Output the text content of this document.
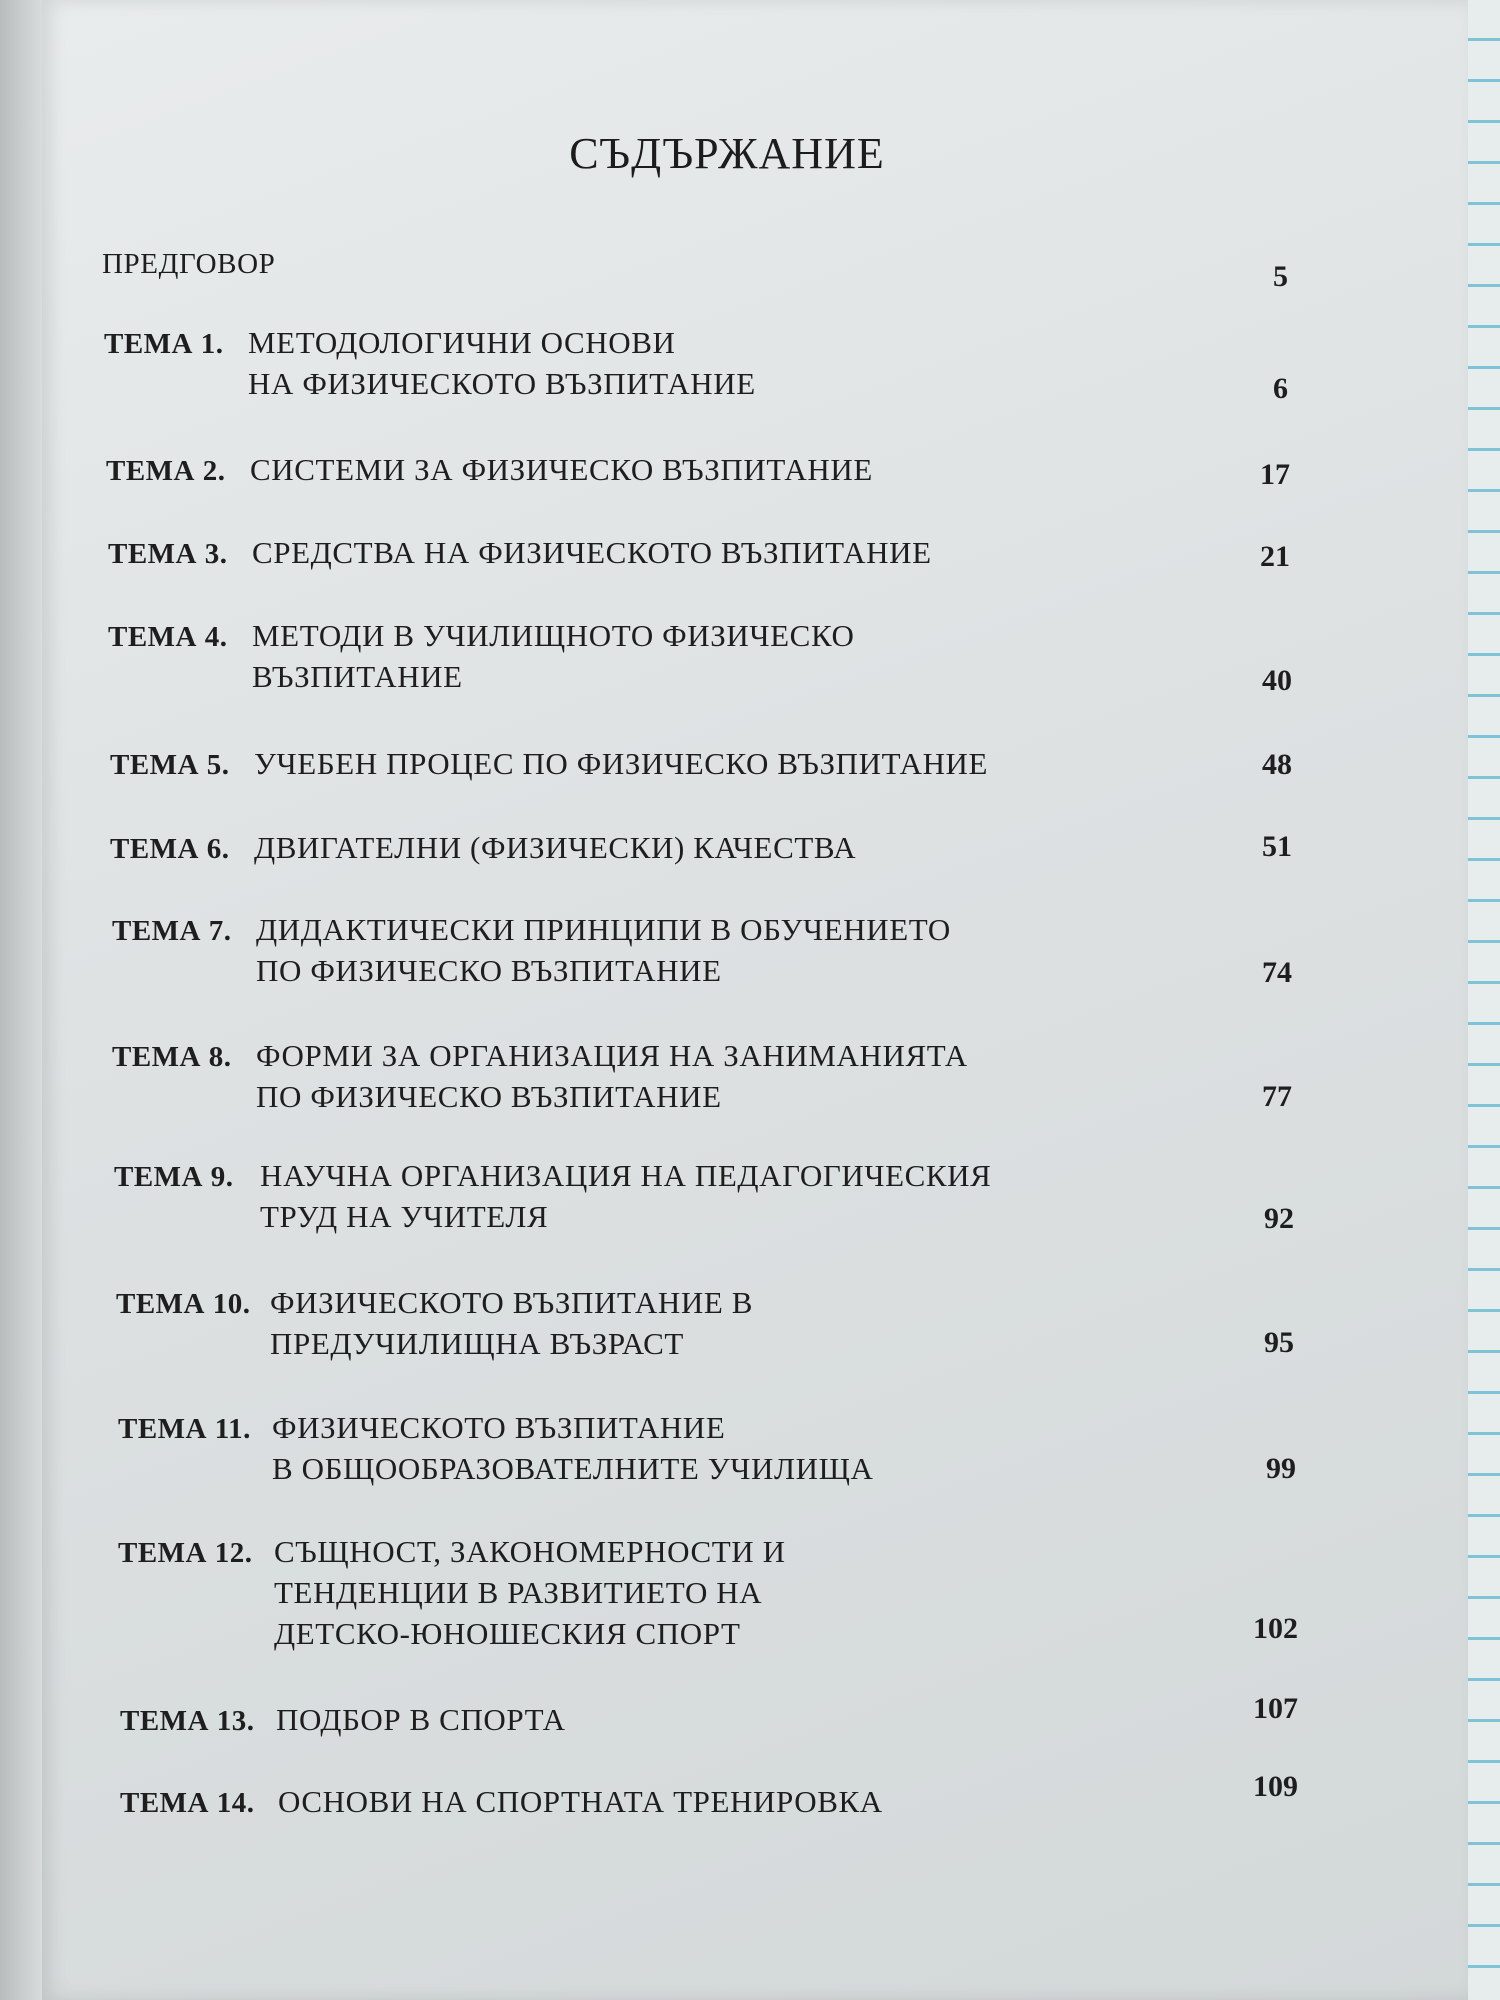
СЪДЪРЖАНИЕ
ПРЕДГОВОР	5
ТЕМА 1. МЕТОДОЛОГИЧНИ ОСНОВИ
НА ФИЗИЧЕСКОТО ВЪЗПИТАНИЕ	6
ТЕМА 2. СИСТЕМИ ЗА ФИЗИЧЕСКО ВЪЗПИТАНИЕ	17
ТЕМА 3. СРЕДСТВА НА ФИЗИЧЕСКОТО ВЪЗПИТАНИЕ	21
ТЕМА 4. МЕТОДИ В УЧИЛИЩНОТО ФИЗИЧЕСКО
ВЪЗПИТАНИЕ	40
ТЕМА 5. УЧЕБЕН ПРОЦЕС ПО ФИЗИЧЕСКО ВЪЗПИТАНИЕ	48
ТЕМА 6. ДВИГАТЕЛНИ (ФИЗИЧЕСКИ) КАЧЕСТВА	51
ТЕМА 7. ДИДАКТИЧЕСКИ ПРИНЦИПИ В ОБУЧЕНИЕТО
ПО ФИЗИЧЕСКО ВЪЗПИТАНИЕ	74
ТЕМА 8. ФОРМИ ЗА ОРГАНИЗАЦИЯ НА ЗАНИМАНИЯТА
ПО ФИЗИЧЕСКО ВЪЗПИТАНИЕ	77
ТЕМА 9. НАУЧНА ОРГАНИЗАЦИЯ НА ПЕДАГОГИЧЕСКИЯ
ТРУД НА УЧИТЕЛЯ	92
ТЕМА 10. ФИЗИЧЕСКОТО ВЪЗПИТАНИЕ В
ПРЕДУЧИЛИЩНА ВЪЗРАСТ	95
ТЕМА 11. ФИЗИЧЕСКОТО ВЪЗПИТАНИЕ
В ОБЩООБРАЗОВАТЕЛНИТЕ УЧИЛИЩА	99
ТЕМА 12. СЪЩНОСТ, ЗАКОНОМЕРНОСТИ И
ТЕНДЕНЦИИ В РАЗВИТИЕТО НА
ДЕТСКО-ЮНОШЕСКИЯ СПОРТ	102
ТЕМА 13. ПОДБОР В СПОРТА	107
ТЕМА 14. ОСНОВИ НА СПОРТНАТА ТРЕНИРОВКА	109
